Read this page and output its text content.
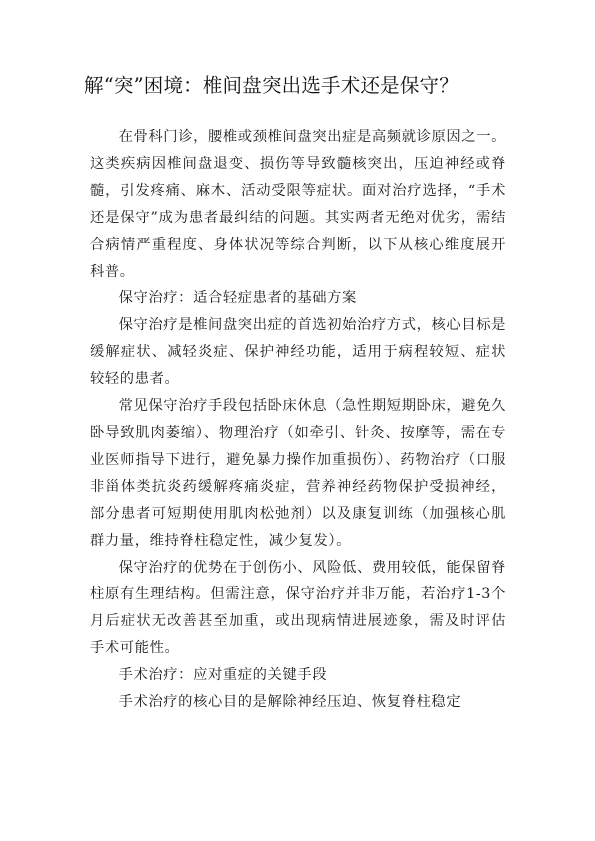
解“突”困境：椎间盘突出选手术还是保守？

在骨科门诊，腰椎或颈椎间盘突出症是高频就诊原因之一。这类疾病因椎间盘退变、损伤等导致髓核突出，压迫神经或脊髓，引发疼痛、麻木、活动受限等症状。面对治疗选择，“手术还是保守”成为患者最纠结的问题。其实两者无绝对优劣，需结合病情严重程度、身体状况等综合判断，以下从核心维度展开科普。

保守治疗：适合轻症患者的基础方案

保守治疗是椎间盘突出症的首选初始治疗方式，核心目标是缓解症状、减轻炎症、保护神经功能，适用于病程较短、症状较轻的患者。

常见保守治疗手段包括卧床休息（急性期短期卧床，避免久卧导致肌肉萎缩）、物理治疗（如牵引、针灸、按摩等，需在专业医师指导下进行，避免暴力操作加重损伤）、药物治疗（口服非甾体类抗炎药缓解疼痛炎症，营养神经药物保护受损神经，部分患者可短期使用肌肉松弛剂）以及康复训练（加强核心肌群力量，维持脊柱稳定性，减少复发）。

保守治疗的优势在于创伤小、风险低、费用较低，能保留脊柱原有生理结构。但需注意，保守治疗并非万能，若治疗1-3个月后症状无改善甚至加重，或出现病情进展迹象，需及时评估手术可能性。

手术治疗：应对重症的关键手段

手术治疗的核心目的是解除神经压迫、恢复脊柱稳定
